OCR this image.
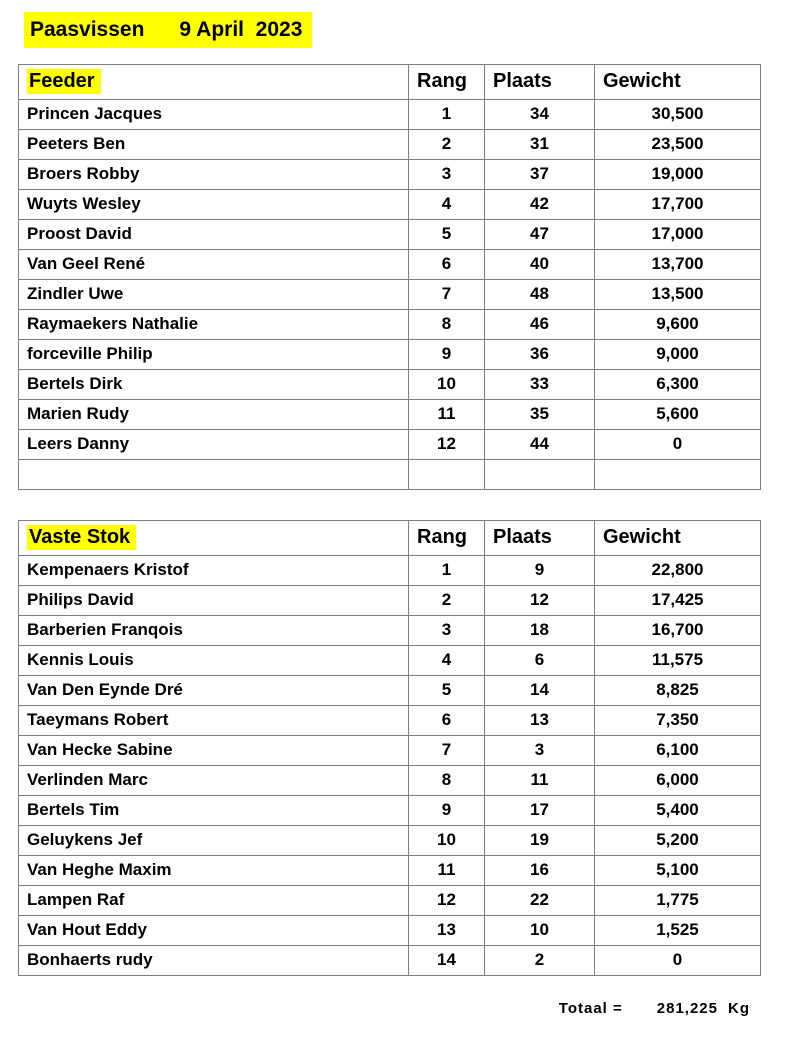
Paasvissen      9 April  2023
Feeder	Rang	Plaats	Gewicht
Princen Jacques	1	34	30,500
Peeters Ben	2	31	23,500
Broers Robby	3	37	19,000
Wuyts Wesley	4	42	17,700
Proost David	5	47	17,000
Van Geel René	6	40	13,700
Zindler Uwe	7	48	13,500
Raymaekers Nathalie	8	46	9,600
forceville Philip	9	36	9,000
Bertels Dirk	10	33	6,300
Marien Rudy	11	35	5,600
Leers Danny	12	44	0

Vaste Stok	Rang	Plaats	Gewicht
Kempenaers Kristof	1	9	22,800
Philips David	2	12	17,425
Barberien Franqois	3	18	16,700
Kennis Louis	4	6	11,575
Van Den Eynde Dré	5	14	8,825
Taeymans Robert	6	13	7,350
Van Hecke Sabine	7	3	6,100
Verlinden Marc	8	11	6,000
Bertels Tim	9	17	5,400
Geluykens Jef	10	19	5,200
Van Heghe Maxim	11	16	5,100
Lampen Raf	12	22	1,775
Van Hout Eddy	13	10	1,525
Bonhaerts rudy	14	2	0
Totaal = 281,225 Kg
